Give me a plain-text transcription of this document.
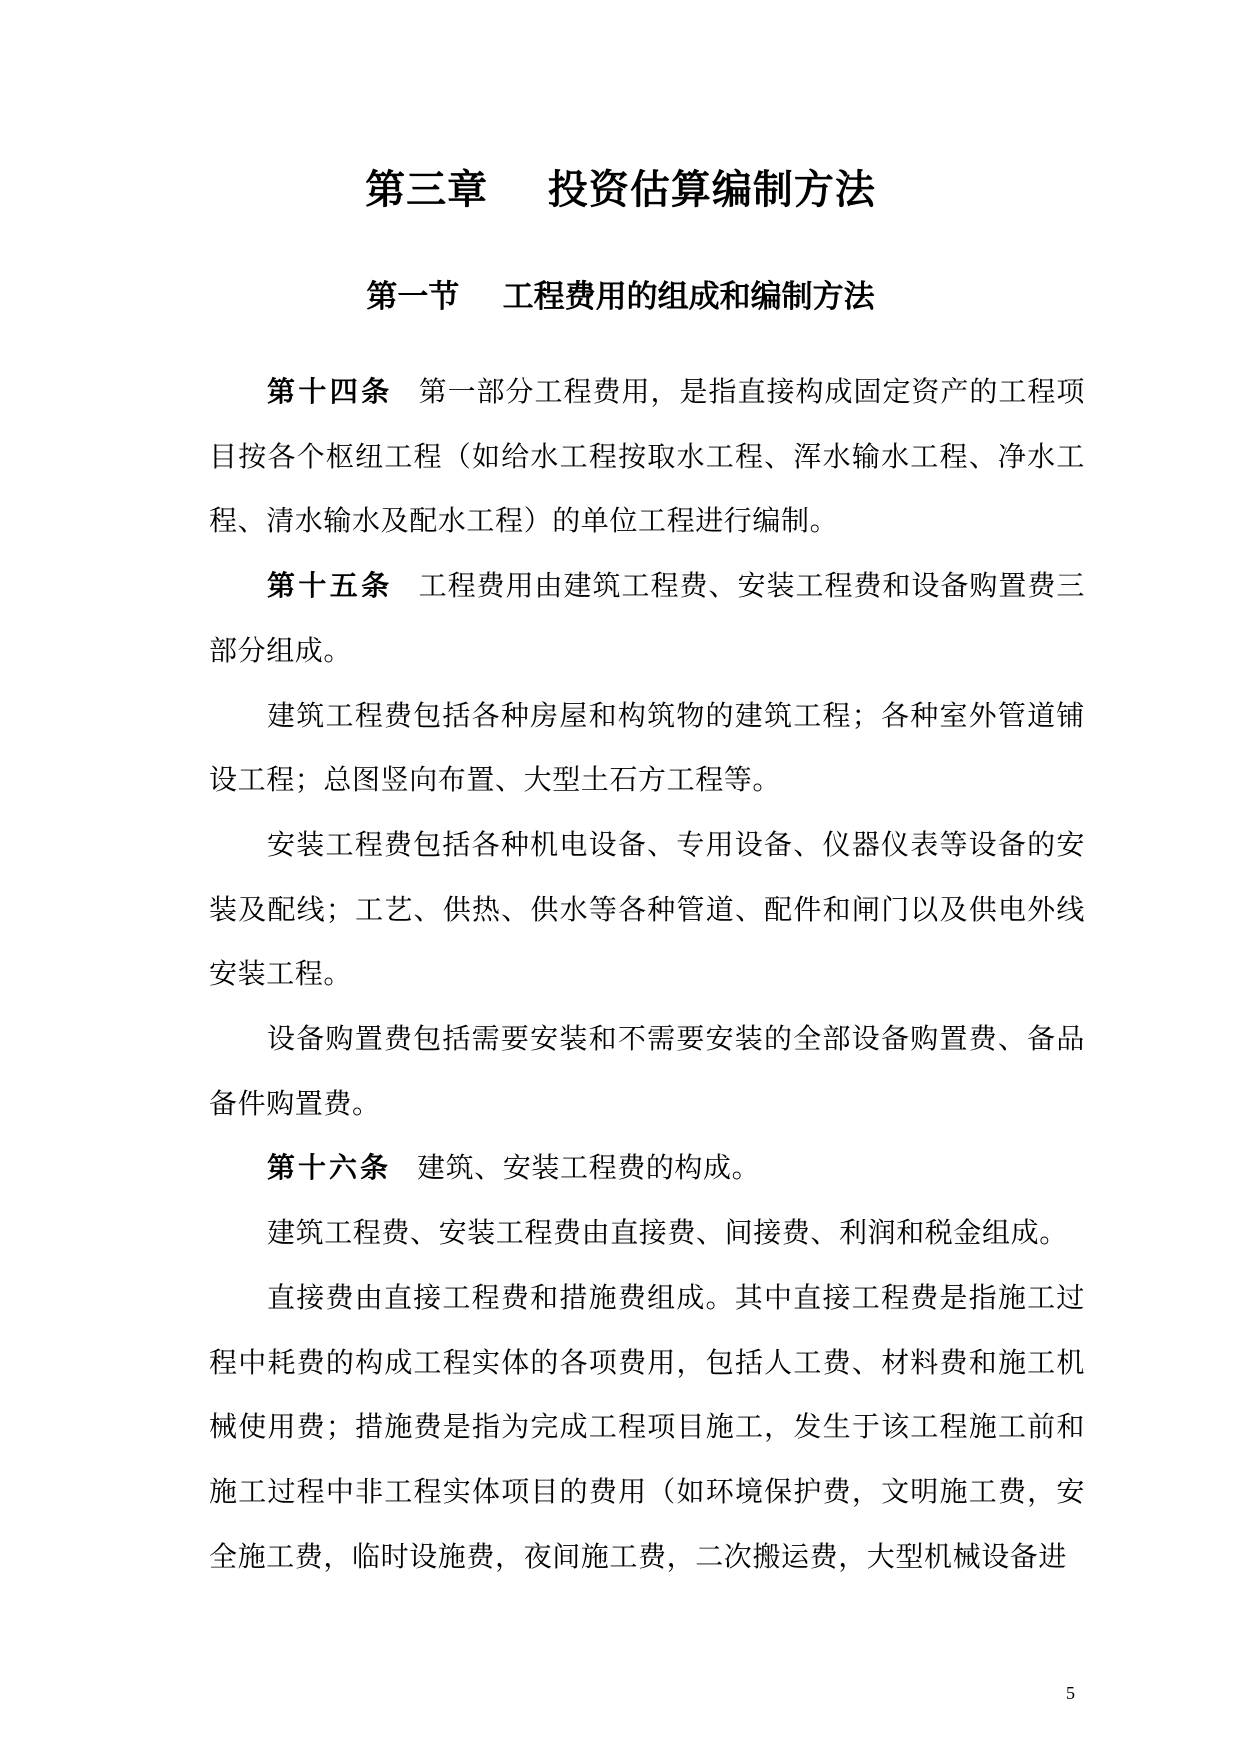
第三章    投资估算编制方法
第一节    工程费用的组成和编制方法

第十四条 第一部分工程费用，是指直接构成固定资产的工程项目按各个枢纽工程（如给水工程按取水工程、浑水输水工程、净水工程、清水输水及配水工程）的单位工程进行编制。

第十五条 工程费用由建筑工程费、安装工程费和设备购置费三部分组成。

建筑工程费包括各种房屋和构筑物的建筑工程；各种室外管道铺设工程；总图竖向布置、大型土石方工程等。

安装工程费包括各种机电设备、专用设备、仪器仪表等设备的安装及配线；工艺、供热、供水等各种管道、配件和闸门以及供电外线安装工程。

设备购置费包括需要安装和不需要安装的全部设备购置费、备品备件购置费。

第十六条 建筑、安装工程费的构成。

建筑工程费、安装工程费由直接费、间接费、利润和税金组成。

直接费由直接工程费和措施费组成。其中直接工程费是指施工过程中耗费的构成工程实体的各项费用，包括人工费、材料费和施工机械使用费；措施费是指为完成工程项目施工，发生于该工程施工前和施工过程中非工程实体项目的费用（如环境保护费，文明施工费，安全施工费，临时设施费，夜间施工费，二次搬运费，大型机械设备进

5
